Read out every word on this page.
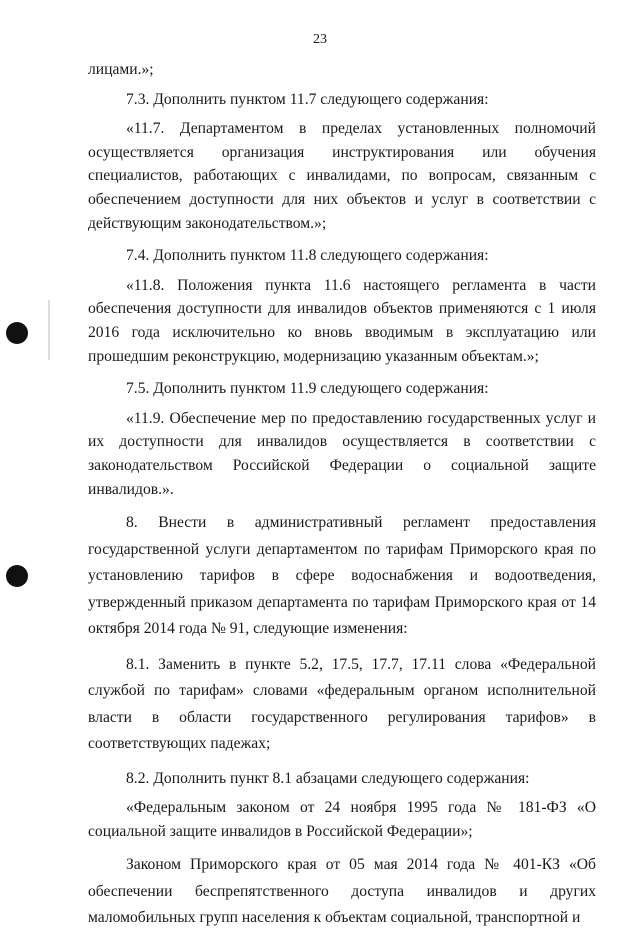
23

лицами.»;

7.3. Дополнить пунктом 11.7 следующего содержания:

«11.7. Департаментом в пределах установленных полномочий осуществляется организация инструктирования или обучения специалистов, работающих с инвалидами, по вопросам, связанным с обеспечением доступности для них объектов и услуг в соответствии с действующим законодательством.»;

7.4. Дополнить пунктом 11.8 следующего содержания:

«11.8. Положения пункта 11.6 настоящего регламента в части обеспечения доступности для инвалидов объектов применяются с 1 июля 2016 года исключительно ко вновь вводимым в эксплуатацию или прошедшим реконструкцию, модернизацию указанным объектам.»;

7.5. Дополнить пунктом 11.9 следующего содержания:

«11.9. Обеспечение мер по предоставлению государственных услуг и их доступности для инвалидов осуществляется в соответствии с законодательством Российской Федерации о социальной защите инвалидов.».

8. Внести в административный регламент предоставления государственной услуги департаментом по тарифам Приморского края по установлению тарифов в сфере водоснабжения и водоотведения, утвержденный приказом департамента по тарифам Приморского края от 14 октября 2014 года № 91, следующие изменения:

8.1. Заменить в пункте 5.2, 17.5, 17.7, 17.11 слова «Федеральной службой по тарифам» словами «федеральным органом исполнительной власти в области государственного регулирования тарифов» в соответствующих падежах;

8.2. Дополнить пункт 8.1 абзацами следующего содержания:

«Федеральным законом от 24 ноября 1995 года № 181-ФЗ «О социальной защите инвалидов в Российской Федерации»;

Законом Приморского края от 05 мая 2014 года № 401-КЗ «Об обеспечении беспрепятственного доступа инвалидов и других маломобильных групп населения к объектам социальной, транспортной и
